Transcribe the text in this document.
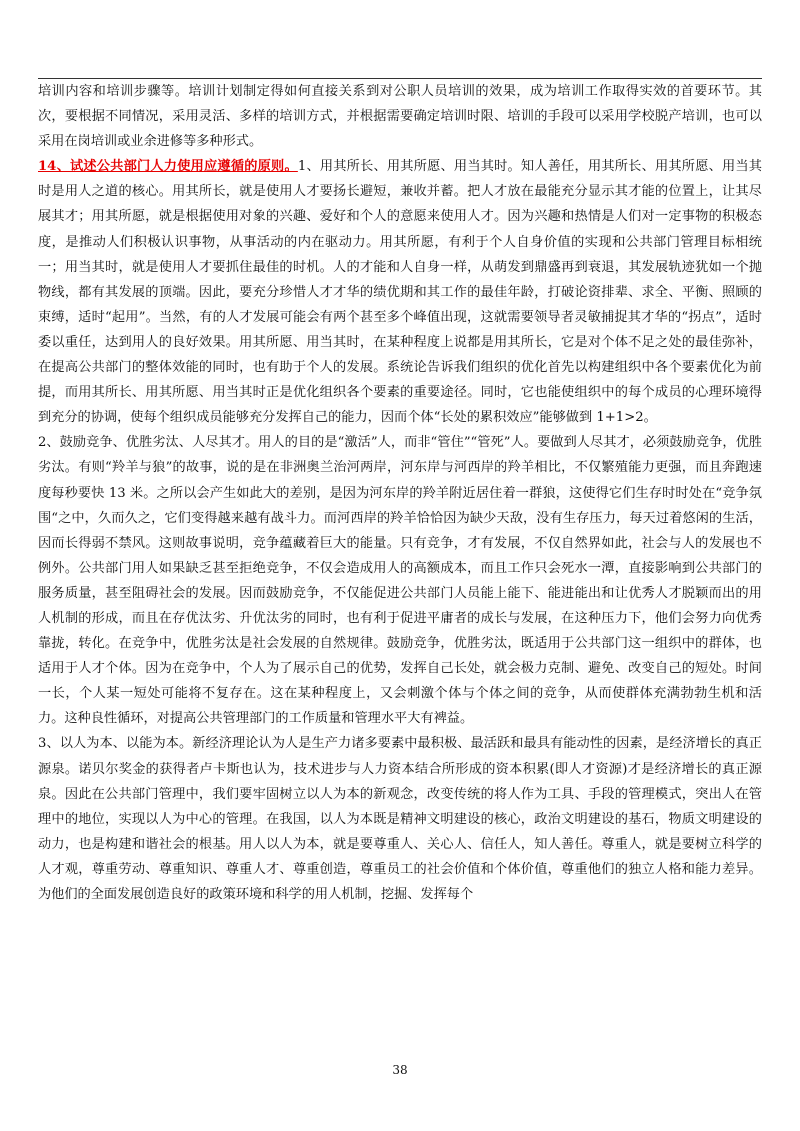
培训内容和培训步骤等。培训计划制定得如何直接关系到对公职人员培训的效果，成为培训工作取得实效的首要环节。其次，要根据不同情况，采用灵活、多样的培训方式，并根据需要确定培训时限、培训的手段可以采用学校脱产培训，也可以采用在岗培训或业余进修等多种形式。

14、试述公共部门人力使用应遵循的原则。1、用其所长、用其所愿、用当其时。知人善任，用其所长、用其所愿、用当其时是用人之道的核心。用其所长，就是使用人才要扬长避短，兼收并蓄。把人才放在最能充分显示其才能的位置上，让其尽展其才；用其所愿，就是根据使用对象的兴趣、爱好和个人的意愿来使用人才。因为兴趣和热情是人们对一定事物的积极态度，是推动人们积极认识事物，从事活动的内在驱动力。用其所愿，有利于个人自身价值的实现和公共部门管理目标相统一；用当其时，就是使用人才要抓住最佳的时机。人的才能和人自身一样，从萌发到鼎盛再到衰退，其发展轨迹犹如一个抛物线，都有其发展的顶端。因此，要充分珍惜人才才华的绩优期和其工作的最佳年龄，打破论资排辈、求全、平衡、照顾的束缚，适时“起用”。当然，有的人才发展可能会有两个甚至多个峰值出现，这就需要领导者灵敏捕捉其才华的“拐点”，适时委以重任，达到用人的良好效果。用其所愿、用当其时，在某种程度上说都是用其所长，它是对个体不足之处的最佳弥补，在提高公共部门的整体效能的同时，也有助于个人的发展。系统论告诉我们组织的优化首先以构建组织中各个要素优化为前提，而用其所长、用其所愿、用当其时正是优化组织各个要素的重要途径。同时，它也能使组织中的每个成员的心理环境得到充分的协调，使每个组织成员能够充分发挥自己的能力，因而个体“长处的累积效应”能够做到 1+1>2。

2、鼓励竞争、优胜劣汰、人尽其才。用人的目的是“激活”人，而非“管住”“管死”人。要做到人尽其才，必须鼓励竞争，优胜劣汰。有则“羚羊与狼”的故事，说的是在非洲奥兰治河两岸，河东岸与河西岸的羚羊相比，不仅繁殖能力更强，而且奔跑速度每秒要快 13 米。之所以会产生如此大的差别，是因为河东岸的羚羊附近居住着一群狼，这使得它们生存时时处在“竞争氛围“之中，久而久之，它们变得越来越有战斗力。而河西岸的羚羊恰恰因为缺少天敌，没有生存压力，每天过着悠闲的生活，因而长得弱不禁风。这则故事说明，竞争蕴藏着巨大的能量。只有竞争，才有发展，不仅自然界如此，社会与人的发展也不例外。公共部门用人如果缺乏甚至拒绝竞争，不仅会造成用人的高额成本，而且工作只会死水一潭，直接影响到公共部门的服务质量，甚至阻碍社会的发展。因而鼓励竞争，不仅能促进公共部门人员能上能下、能进能出和让优秀人才脱颖而出的用人机制的形成，而且在存优汰劣、升优汰劣的同时，也有利于促进平庸者的成长与发展，在这种压力下，他们会努力向优秀靠拢，转化。在竞争中，优胜劣汰是社会发展的自然规律。鼓励竞争，优胜劣汰，既适用于公共部门这一组织中的群体，也适用于人才个体。因为在竞争中，个人为了展示自己的优势，发挥自己长处，就会极力克制、避免、改变自己的短处。时间一长，个人某一短处可能将不复存在。这在某种程度上，又会刺激个体与个体之间的竞争，从而使群体充满勃勃生机和活力。这种良性循环，对提高公共管理部门的工作质量和管理水平大有裨益。

3、以人为本、以能为本。新经济理论认为人是生产力诸多要素中最积极、最活跃和最具有能动性的因素，是经济增长的真正源泉。诺贝尔奖金的获得者卢卡斯也认为，技术进步与人力资本结合所形成的资本积累(即人才资源)才是经济增长的真正源泉。因此在公共部门管理中，我们要牢固树立以人为本的新观念，改变传统的将人作为工具、手段的管理模式，突出人在管理中的地位，实现以人为中心的管理。在我国，以人为本既是精神文明建设的核心，政治文明建设的基石，物质文明建设的动力，也是构建和谐社会的根基。用人以人为本，就是要尊重人、关心人、信任人，知人善任。尊重人，就是要树立科学的人才观，尊重劳动、尊重知识、尊重人才、尊重创造，尊重员工的社会价值和个体价值，尊重他们的独立人格和能力差异。为他们的全面发展创造良好的政策环境和科学的用人机制，挖掘、发挥每个

38
